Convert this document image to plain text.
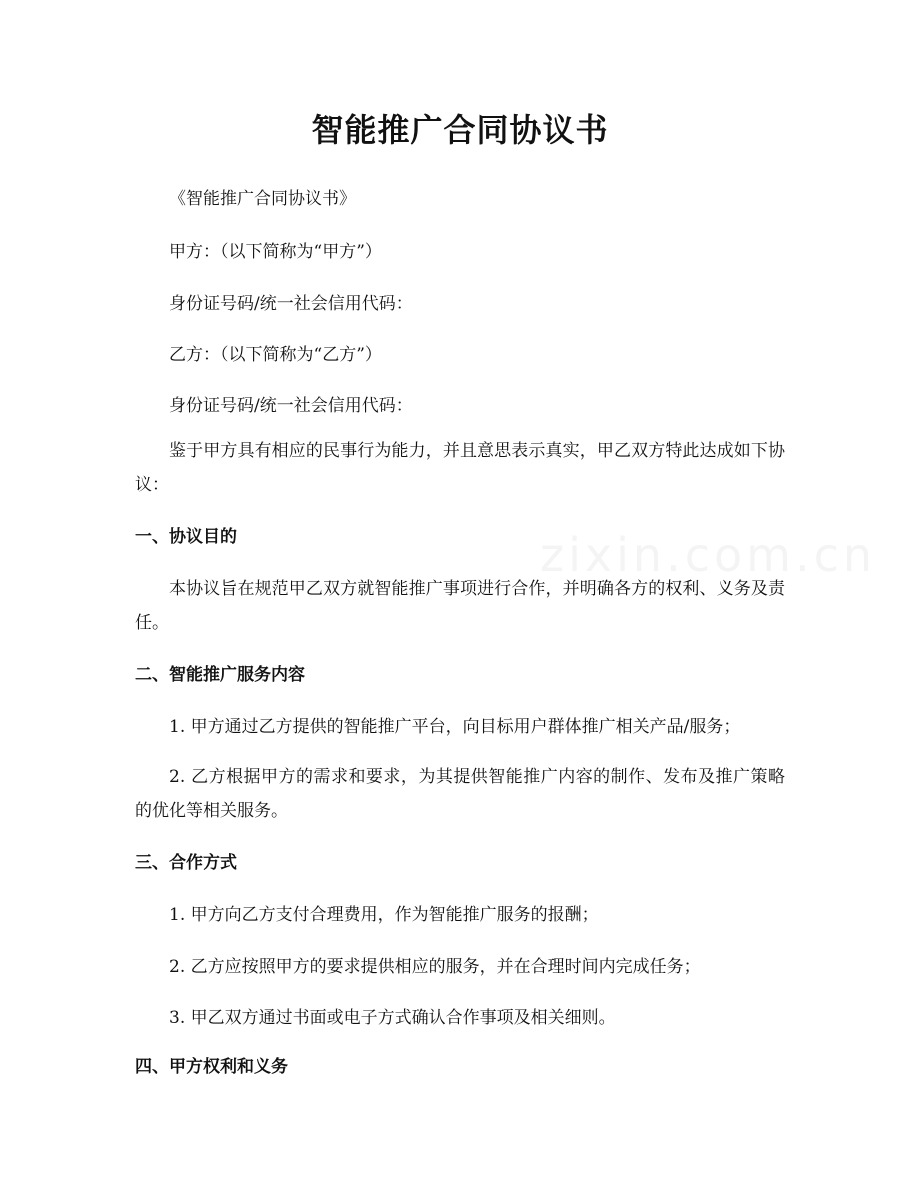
zixin.com.cn
智能推广合同协议书

《智能推广合同协议书》

甲方：（以下简称为“甲方”）

身份证号码/统一社会信用代码：

乙方：（以下简称为“乙方”）

身份证号码/统一社会信用代码：

鉴于甲方具有相应的民事行为能力，并且意思表示真实，甲乙双方特此达成如下协议：

一、协议目的

本协议旨在规范甲乙双方就智能推广事项进行合作，并明确各方的权利、义务及责任。

二、智能推广服务内容

1. 甲方通过乙方提供的智能推广平台，向目标用户群体推广相关产品/服务；

2. 乙方根据甲方的需求和要求，为其提供智能推广内容的制作、发布及推广策略的优化等相关服务。

三、合作方式

1. 甲方向乙方支付合理费用，作为智能推广服务的报酬；

2. 乙方应按照甲方的要求提供相应的服务，并在合理时间内完成任务；

3. 甲乙双方通过书面或电子方式确认合作事项及相关细则。

四、甲方权利和义务
